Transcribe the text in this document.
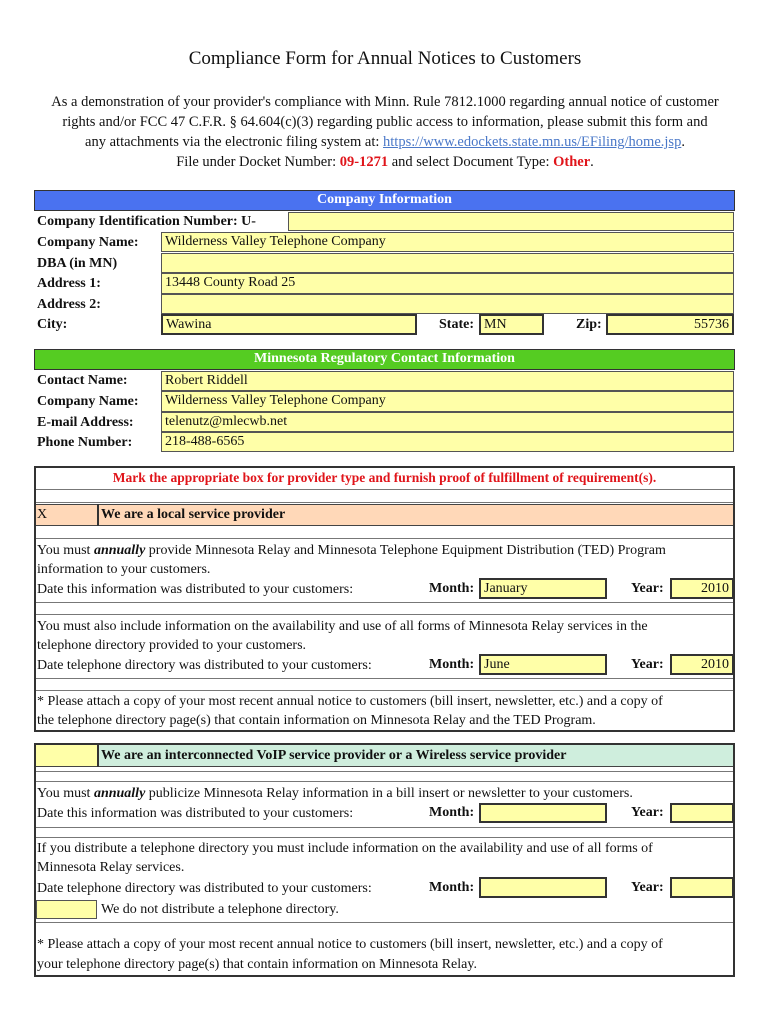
Compliance Form for Annual Notices to Customers
As a demonstration of your provider's compliance with Minn. Rule 7812.1000 regarding annual notice of customer
rights and/or FCC 47 C.F.R. § 64.604(c)(3) regarding public access to information, please submit this form and
any attachments via the electronic filing system at: https://www.edockets.state.mn.us/EFiling/home.jsp.
File under Docket Number: 09-1271 and select Document Type: Other.
Company Information
Company Identification Number: U-
Company Name: Wilderness Valley Telephone Company
DBA (in MN)
Address 1:	13448 County Road 25
Address 2:
City:	Wawina	State: MN	Zip:	55736
Minnesota Regulatory Contact Information
Contact Name:	Robert Riddell
Company Name: Wilderness Valley Telephone Company
E-mail Address: telenutz@mlecwb.net
Phone Number: 218-488-6565
Mark the appropriate box for provider type and furnish proof of fulfillment of requirement(s).
X	We are a local service provider
You must annually provide Minnesota Relay and Minnesota Telephone Equipment Distribution (TED) Program
information to your customers.
Date this information was distributed to your customers:	Month: January	Year:	2010
You must also include information on the availability and use of all forms of Minnesota Relay services in the
telephone directory provided to your customers.
Date telephone directory was distributed to your customers:	Month: June	Year:	2010
* Please attach a copy of your most recent annual notice to customers (bill insert, newsletter, etc.) and a copy of
the telephone directory page(s) that contain information on Minnesota Relay and the TED Program.
We are an interconnected VoIP service provider or a Wireless service provider
You must annually publicize Minnesota Relay information in a bill insert or newsletter to your customers.
Date this information was distributed to your customers:	Month:	Year:
If you distribute a telephone directory you must include information on the availability and use of all forms of
Minnesota Relay services.
Date telephone directory was distributed to your customers:	Month:	Year:
We do not distribute a telephone directory.
* Please attach a copy of your most recent annual notice to customers (bill insert, newsletter, etc.) and a copy of
your telephone directory page(s) that contain information on Minnesota Relay.
